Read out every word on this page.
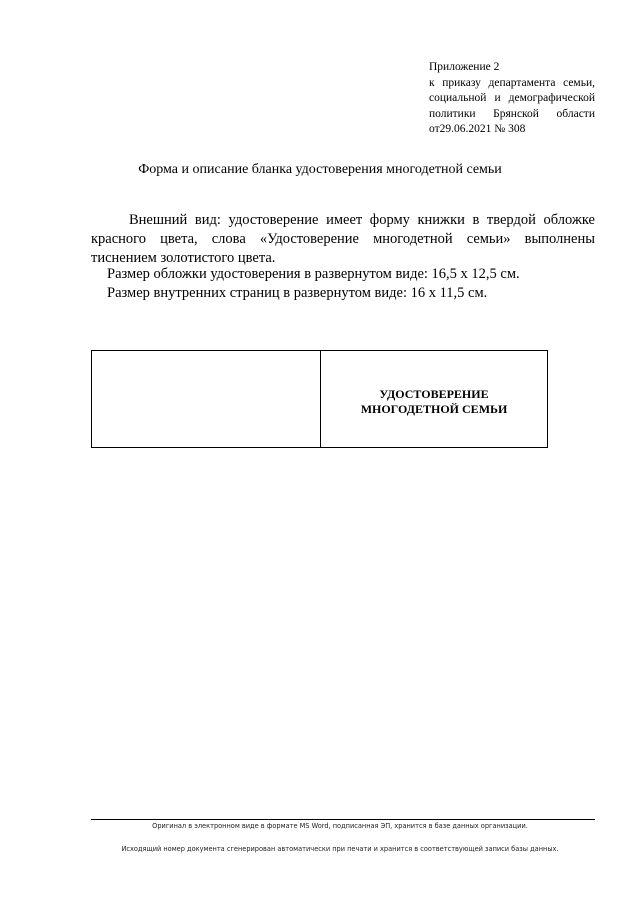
Приложение 2
к приказу департамента семьи,
социальной и демографической
политики Брянской области
от29.06.2021 № 308
Форма и описание бланка удостоверения многодетной семьи

Внешний вид: удостоверение имеет форму книжки в твердой обложке красного цвета, слова «Удостоверение многодетной семьи» выполнены тиснением золотистого цвета.

Размер обложки удостоверения в развернутом виде: 16,5 х 12,5 см.
Размер внутренних страниц в развернутом виде: 16 х 11,5 см.
УДОСТОВЕРЕНИЕ
МНОГОДЕТНОЙ СЕМЬИ
Оригинал в электронном виде в формате MS Word, подписанная ЭП, хранится в базе данных организации.
Исходящий номер документа сгенерирован автоматически при печати и хранится в соответствующей записи базы данных.
